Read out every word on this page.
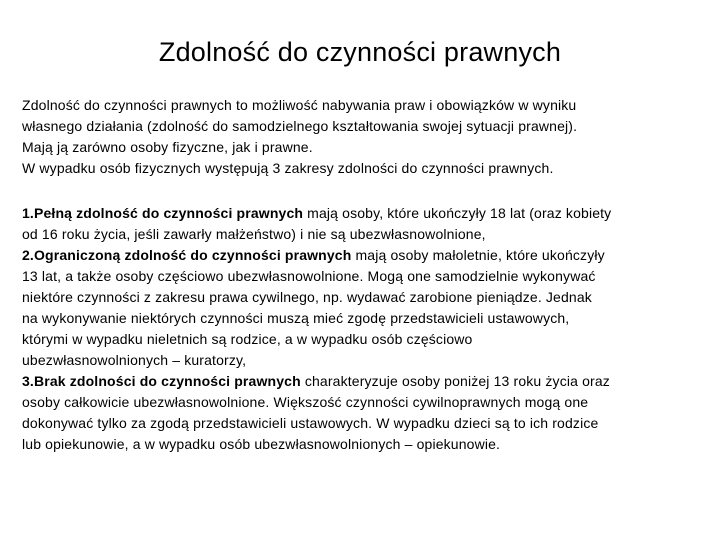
Zdolność do czynności prawnych

Zdolność do czynności prawnych to możliwość nabywania praw i obowiązków w wyniku

własnego działania (zdolność do samodzielnego kształtowania swojej sytuacji prawnej).

Mają ją zarówno osoby fizyczne, jak i prawne.

W wypadku osób fizycznych występują 3 zakresy zdolności do czynności prawnych.

1.Pełną zdolność do czynności prawnych mają osoby, które ukończyły 18 lat (oraz kobiety

od 16 roku życia, jeśli zawarły małżeństwo) i nie są ubezwłasnowolnione,

2.Ograniczoną zdolność do czynności prawnych mają osoby małoletnie, które ukończyły

13 lat, a także osoby częściowo ubezwłasnowolnione. Mogą one samodzielnie wykonywać

niektóre czynności z zakresu prawa cywilnego, np. wydawać zarobione pieniądze. Jednak

na wykonywanie niektórych czynności muszą mieć zgodę przedstawicieli ustawowych,

którymi w wypadku nieletnich są rodzice, a w wypadku osób częściowo

ubezwłasnowolnionych – kuratorzy,

3.Brak zdolności do czynności prawnych charakteryzuje osoby poniżej 13 roku życia oraz

osoby całkowicie ubezwłasnowolnione. Większość czynności cywilnoprawnych mogą one

dokonywać tylko za zgodą przedstawicieli ustawowych. W wypadku dzieci są to ich rodzice

lub opiekunowie, a w wypadku osób ubezwłasnowolnionych – opiekunowie.
